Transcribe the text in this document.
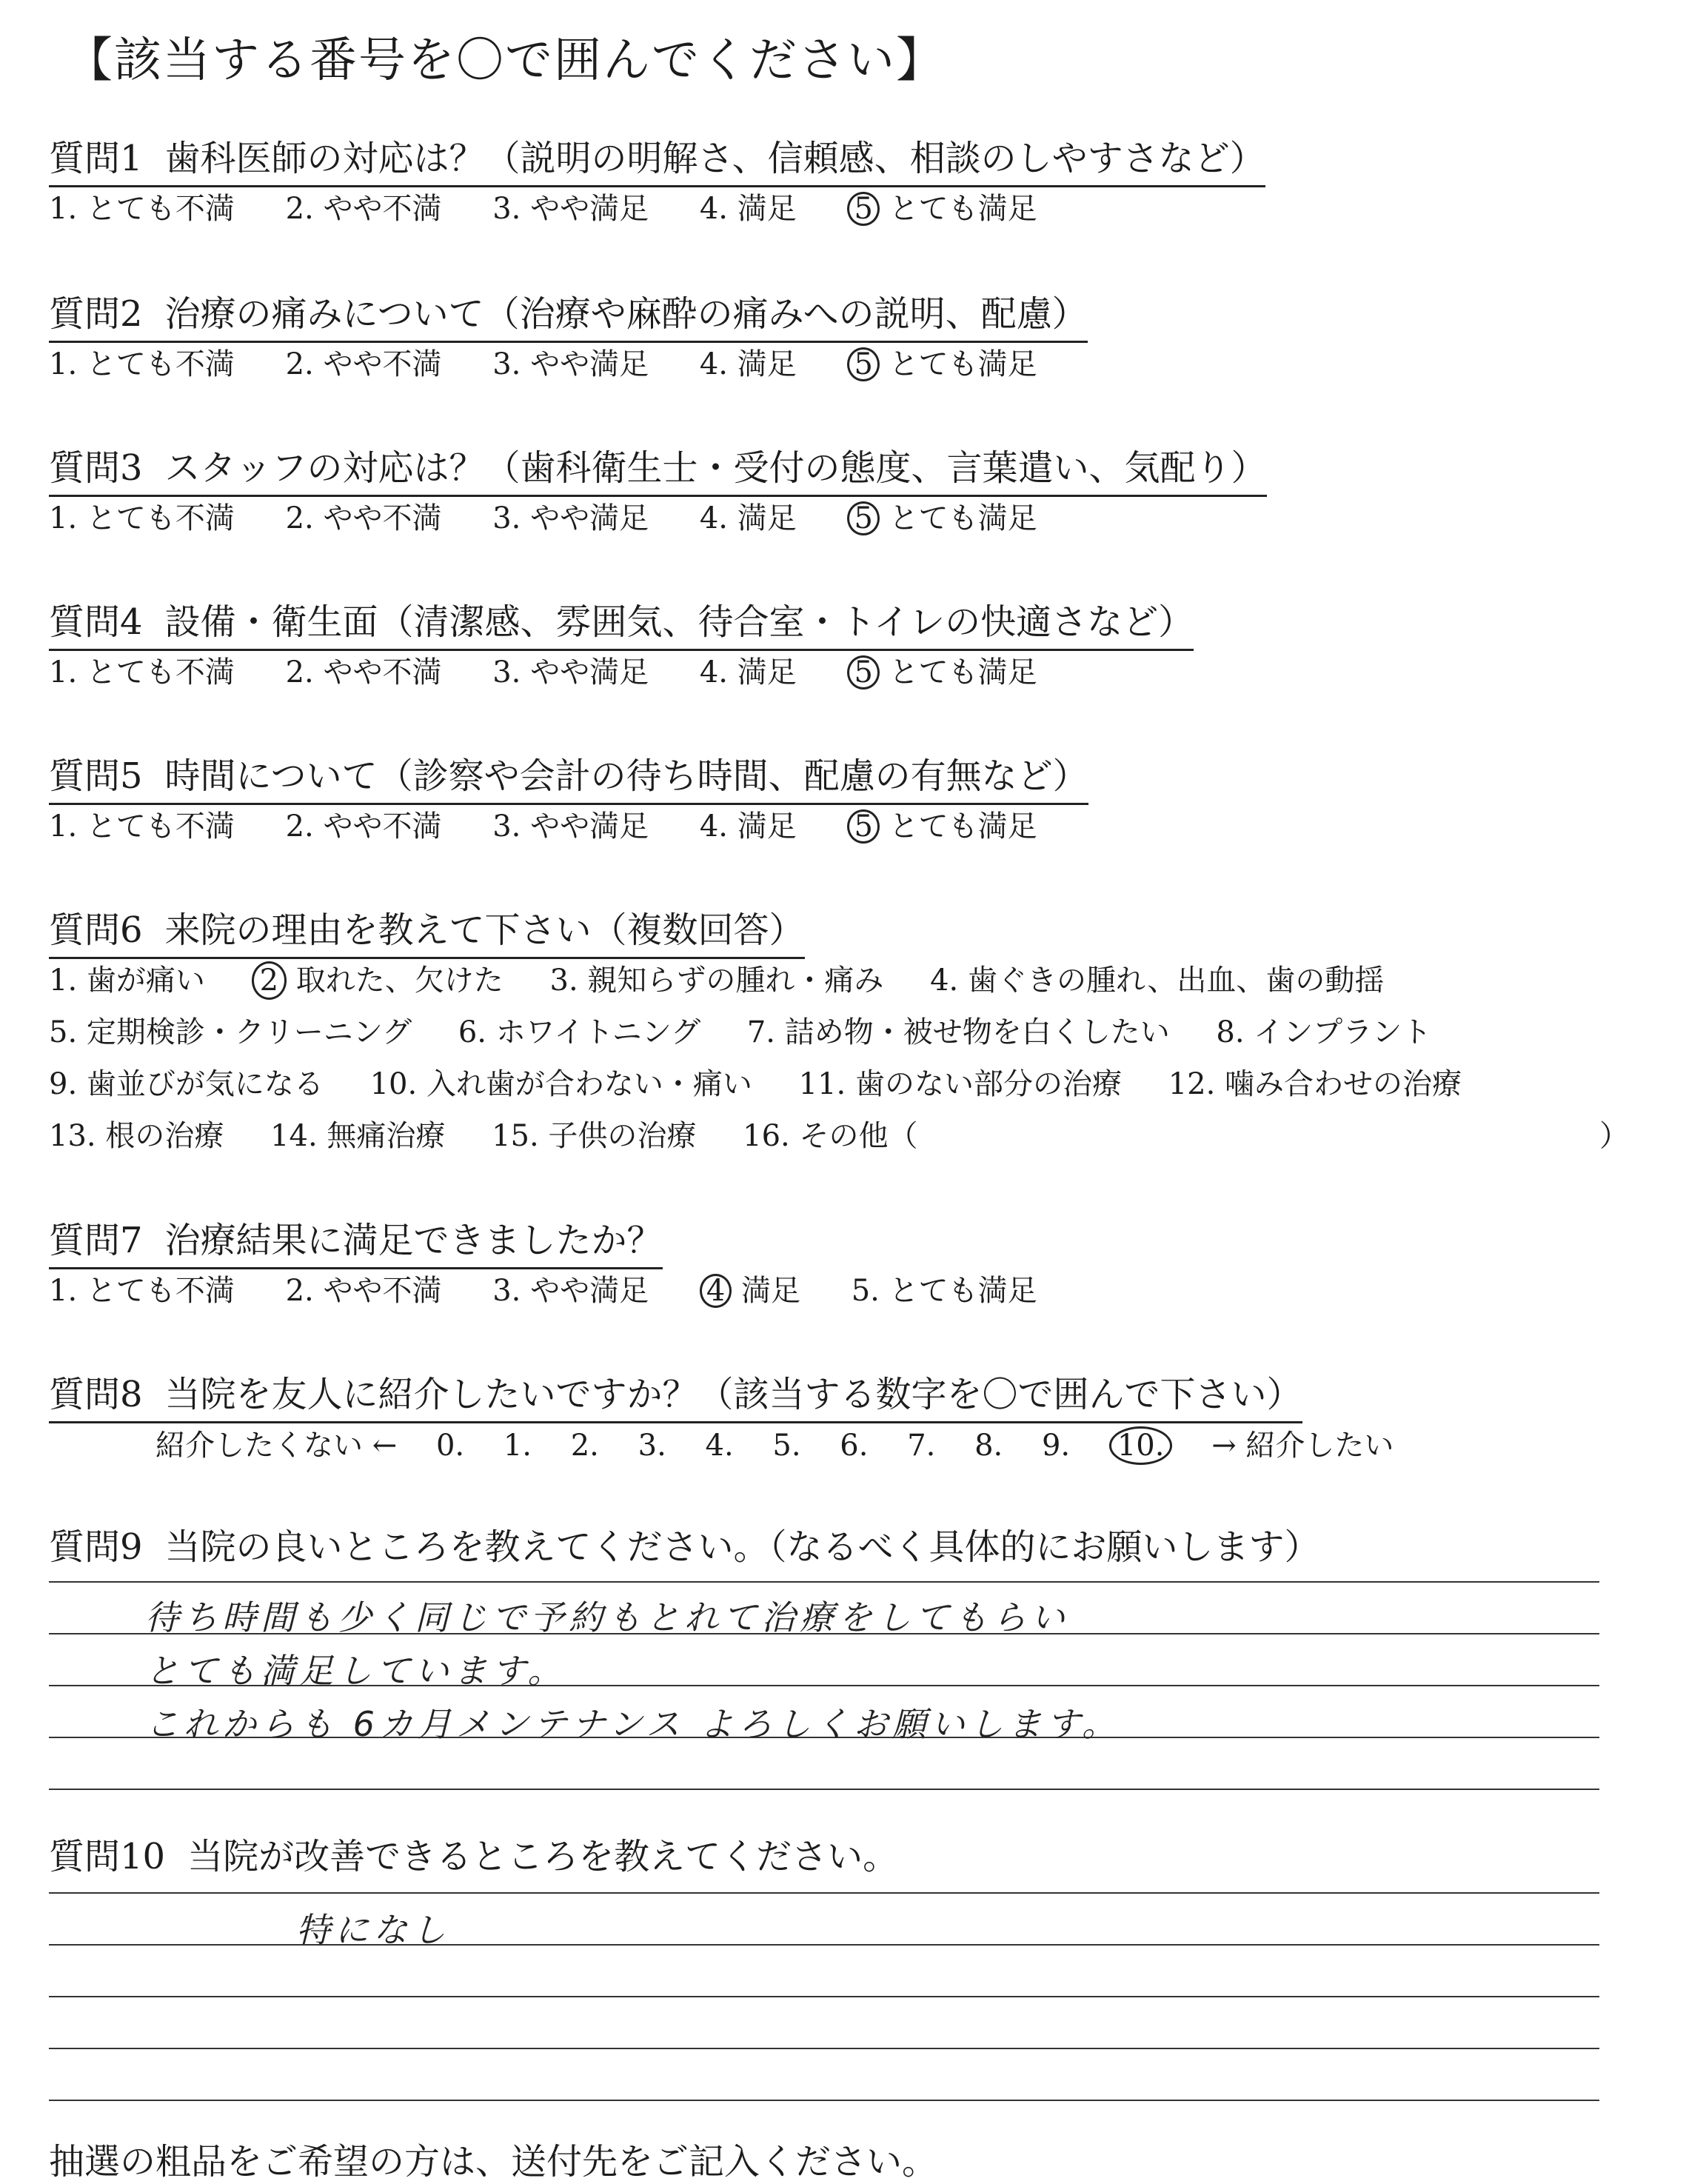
【該当する番号を〇で囲んでください】
質問1 歯科医師の対応は？（説明の明解さ、信頼感、相談のしやすさなど）
1. とても不満 2. やや不満 3. やや満足 4. 満足 5 とても満足
質問2 治療の痛みについて（治療や麻酔の痛みへの説明、配慮）
1. とても不満 2. やや不満 3. やや満足 4. 満足 5 とても満足
質問3 スタッフの対応は？（歯科衛生士・受付の態度、言葉遣い、気配り）
1. とても不満 2. やや不満 3. やや満足 4. 満足 5 とても満足
質問4 設備・衛生面（清潔感、雰囲気、待合室・トイレの快適さなど）
1. とても不満 2. やや不満 3. やや満足 4. 満足 5 とても満足
質問5 時間について（診察や会計の待ち時間、配慮の有無など）
1. とても不満 2. やや不満 3. やや満足 4. 満足 5 とても満足
質問6 来院の理由を教えて下さい（複数回答）
1. 歯が痛い 2 取れた、欠けた 3. 親知らずの腫れ・痛み 4. 歯ぐきの腫れ、出血、歯の動揺
5. 定期検診・クリーニング 6. ホワイトニング 7. 詰め物・被せ物を白くしたい 8. インプラント
9. 歯並びが気になる 10. 入れ歯が合わない・痛い 11. 歯のない部分の治療 12. 噛み合わせの治療
13. 根の治療 14. 無痛治療 15. 子供の治療 16. その他（	）
質問7 治療結果に満足できましたか？
1. とても不満 2. やや不満 3. やや満足 4 満足 5. とても満足
質問8 当院を友人に紹介したいですか？（該当する数字を〇で囲んで下さい）
紹介したくない ← 0. 1. 2. 3. 4. 5. 6. 7. 8. 9. 10. → 紹介したい
質問9 当院の良いところを教えてください。（なるべく具体的にお願いします）
待ち時間も少く同じで予約もとれて治療をしてもらい
とても満足しています。
これからも 6カ月メンテナンス よろしくお願いします。
質問10 当院が改善できるところを教えてください。
特になし
抽選の粗品をご希望の方は、送付先をご記入ください。
